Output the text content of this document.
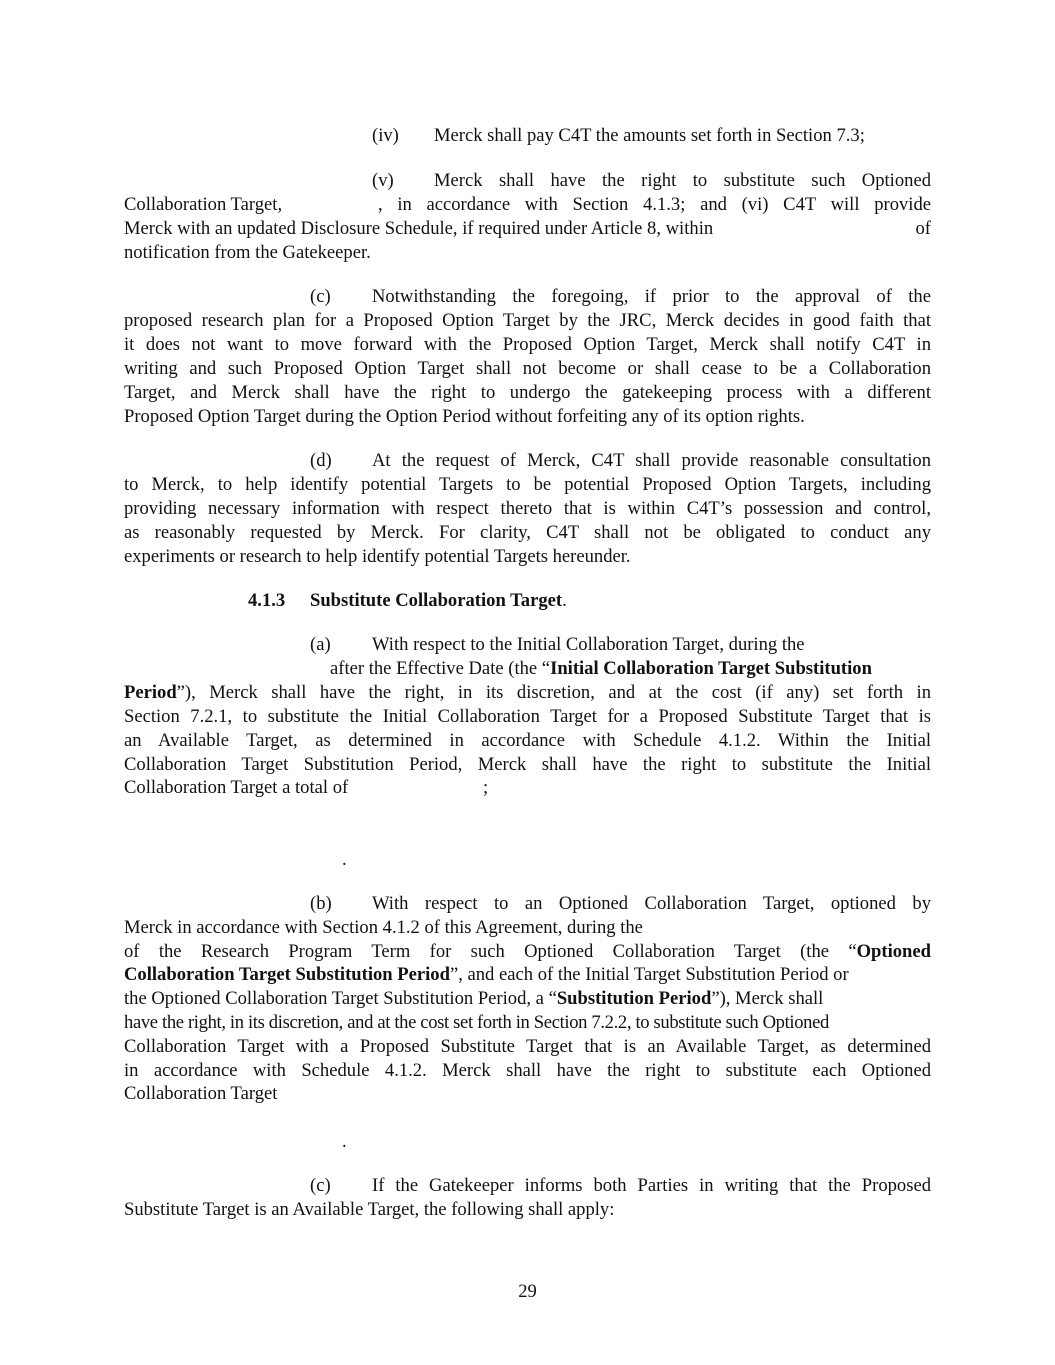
(iv) Merck shall pay C4T the amounts set forth in Section 7.3;
(v) Merck shall have the right to substitute such Optioned
Collaboration Target,	, in accordance with Section 4.1.3; and (vi) C4T will provide
Merck with an updated Disclosure Schedule, if required under Article 8, within	of
notification from the Gatekeeper.
(c) Notwithstanding the foregoing, if prior to the approval of the
proposed research plan for a Proposed Option Target by the JRC, Merck decides in good faith that
it does not want to move forward with the Proposed Option Target, Merck shall notify C4T in
writing and such Proposed Option Target shall not become or shall cease to be a Collaboration
Target, and Merck shall have the right to undergo the gatekeeping process with a different
Proposed Option Target during the Option Period without forfeiting any of its option rights.
(d) At the request of Merck, C4T shall provide reasonable consultation
to Merck, to help identify potential Targets to be potential Proposed Option Targets, including
providing necessary information with respect thereto that is within C4T’s possession and control,
as reasonably requested by Merck. For clarity, C4T shall not be obligated to conduct any
experiments or research to help identify potential Targets hereunder.
4.1.3 Substitute Collaboration Target.
(a) With respect to the Initial Collaboration Target, during the
after the Effective Date (the “Initial Collaboration Target Substitution
Period”), Merck shall have the right, in its discretion, and at the cost (if any) set forth in
Section 7.2.1, to substitute the Initial Collaboration Target for a Proposed Substitute Target that is
an Available Target, as determined in accordance with Schedule 4.1.2. Within the Initial
Collaboration Target Substitution Period, Merck shall have the right to substitute the Initial
Collaboration Target a total of	;
.
(b) With respect to an Optioned Collaboration Target, optioned by
Merck in accordance with Section 4.1.2 of this Agreement, during the
of the Research Program Term for such Optioned Collaboration Target (the “Optioned
Collaboration Target Substitution Period”, and each of the Initial Target Substitution Period or
the Optioned Collaboration Target Substitution Period, a “Substitution Period”), Merck shall
have the right, in its discretion, and at the cost set forth in Section 7.2.2, to substitute such Optioned
Collaboration Target with a Proposed Substitute Target that is an Available Target, as determined
in accordance with Schedule 4.1.2. Merck shall have the right to substitute each Optioned
Collaboration Target
.
(c) If the Gatekeeper informs both Parties in writing that the Proposed
Substitute Target is an Available Target, the following shall apply:
29
